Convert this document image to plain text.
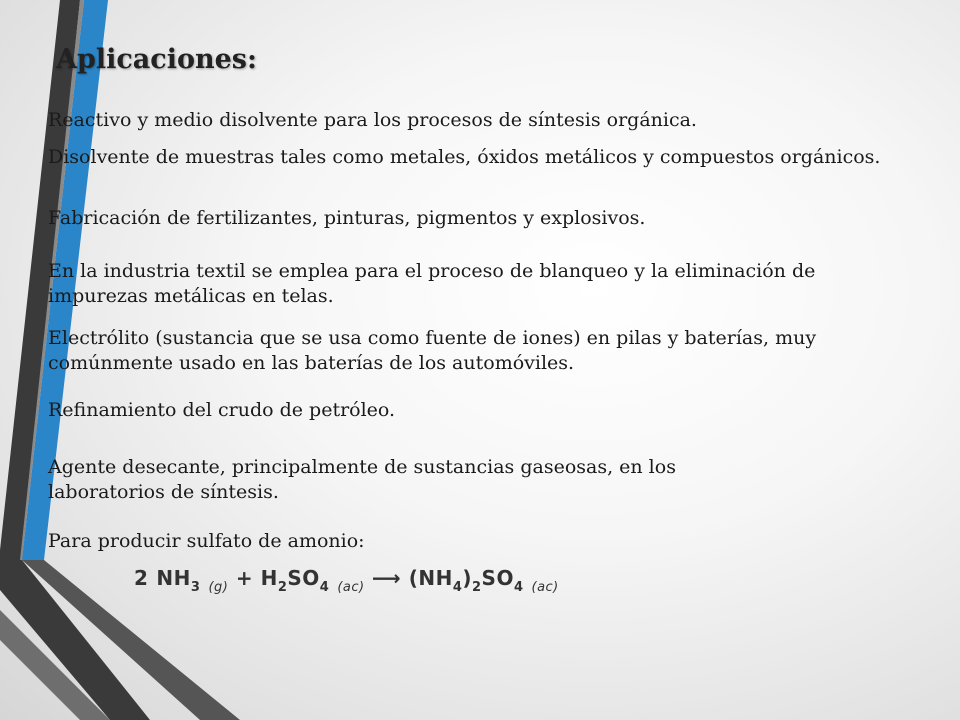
Aplicaciones:

Reactivo y medio disolvente para los procesos de síntesis orgánica.

Disolvente de muestras tales como metales, óxidos metálicos y compuestos orgánicos.

Fabricación de fertilizantes, pinturas, pigmentos y explosivos.

En la industria textil se emplea para el proceso de blanqueo y la eliminación de impurezas metálicas en telas.

Electrólito (sustancia que se usa como fuente de iones) en pilas y baterías, muy comúnmente usado en las baterías de los automóviles.

Refinamiento del crudo de petróleo.

Agente desecante, principalmente de sustancias gaseosas, en los laboratorios de síntesis.

Para producir sulfato de amonio:

2 $NH_3$ $_{(g)} + H_2SO_4$ $_{(ac)}$ ⟶ $(NH_4)_2SO_4$ $_{(ac)}$
